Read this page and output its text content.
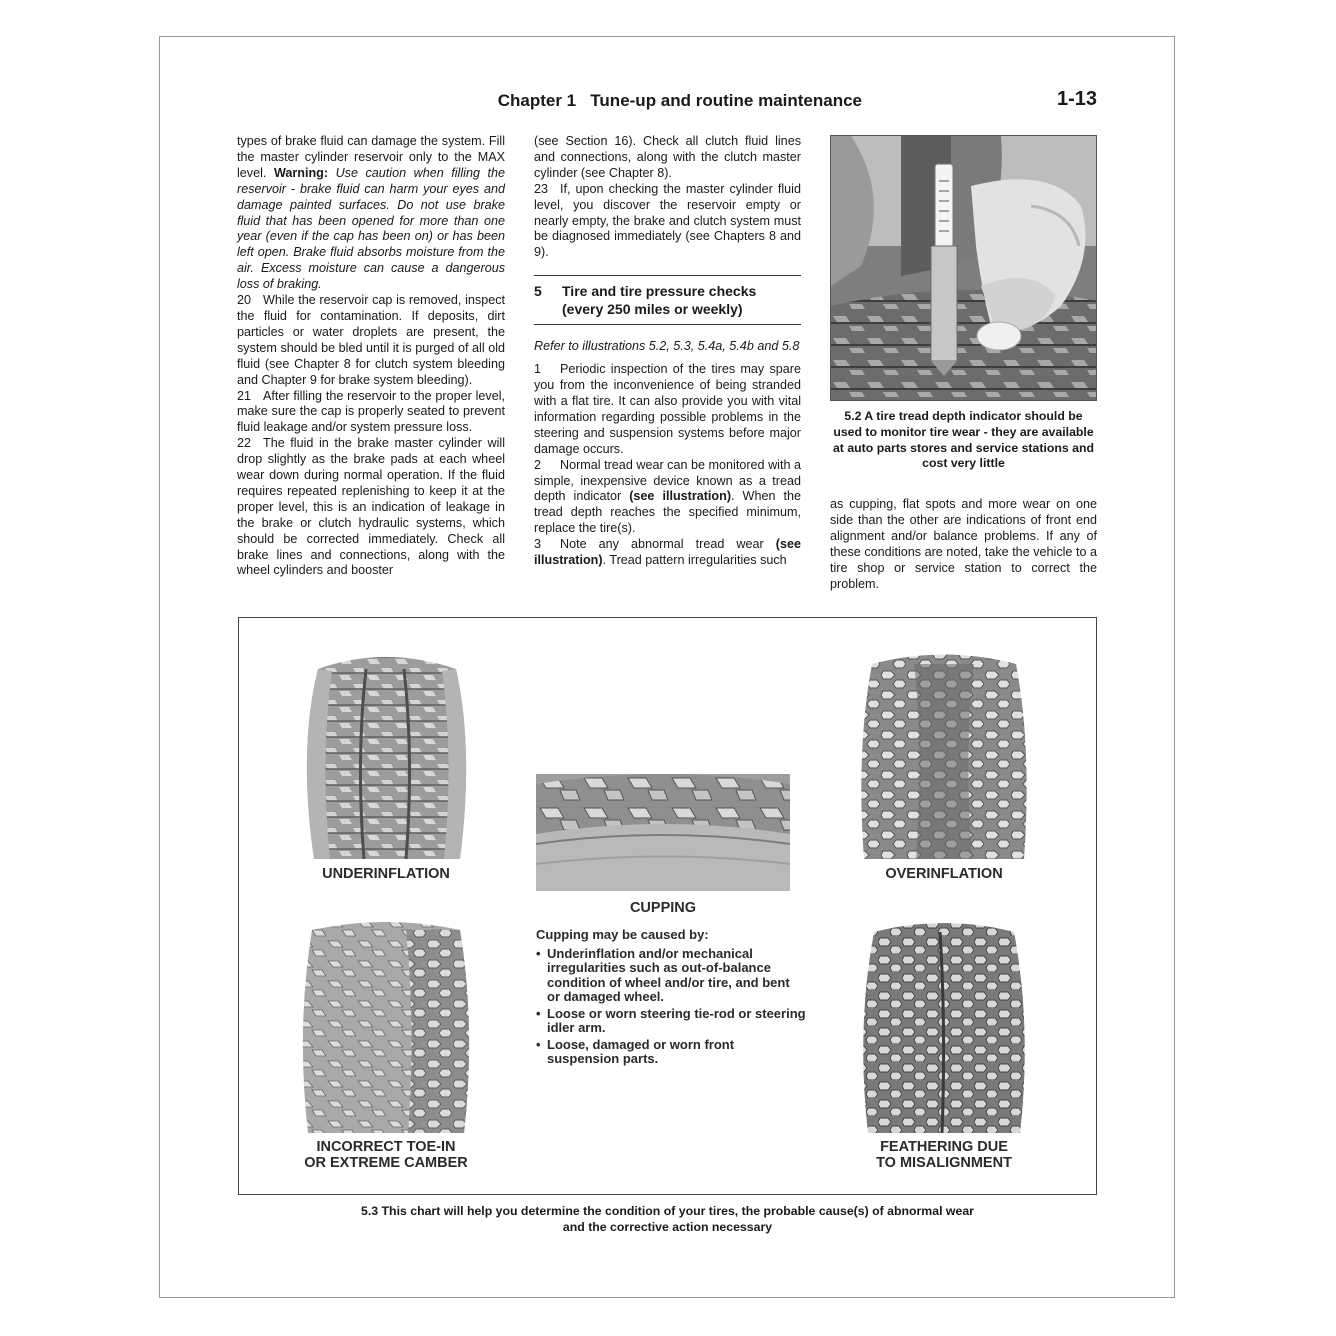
Chapter 1   Tune-up and routine maintenance	1-13

types of brake fluid can damage the system. Fill the master cylinder reservoir only to the MAX level. Warning: Use caution when filling the reservoir - brake fluid can harm your eyes and damage painted surfaces. Do not use brake fluid that has been opened for more than one year (even if the cap has been on) or has been left open. Brake fluid absorbs moisture from the air. Excess moisture can cause a dangerous loss of braking.

20 While the reservoir cap is removed, inspect the fluid for contamination. If deposits, dirt particles or water droplets are present, the system should be bled until it is purged of all old fluid (see Chapter 8 for clutch system bleeding and Chapter 9 for brake system bleeding).

21 After filling the reservoir to the proper level, make sure the cap is properly seated to prevent fluid leakage and/or system pressure loss.

22 The fluid in the brake master cylinder will drop slightly as the brake pads at each wheel wear down during normal operation. If the fluid requires repeated replenishing to keep it at the proper level, this is an indication of leakage in the brake or clutch hydraulic systems, which should be corrected immediately. Check all brake lines and connections, along with the wheel cylinders and booster

(see Section 16). Check all clutch fluid lines and connections, along with the clutch master cylinder (see Chapter 8).

23 If, upon checking the master cylinder fluid level, you discover the reservoir empty or nearly empty, the brake and clutch system must be diagnosed immediately (see Chapters 8 and 9).

5 Tire and tire pressure checks (every 250 miles or weekly)

Refer to illustrations 5.2, 5.3, 5.4a, 5.4b and 5.8

1 Periodic inspection of the tires may spare you from the inconvenience of being stranded with a flat tire. It can also provide you with vital information regarding possible problems in the steering and suspension systems before major damage occurs.

2 Normal tread wear can be monitored with a simple, inexpensive device known as a tread depth indicator (see illustration). When the tread depth reaches the specified minimum, replace the tire(s).

3 Note any abnormal tread wear (see illustration). Tread pattern irregularities such

5.2 A tire tread depth indicator should be used to monitor tire wear - they are available at auto parts stores and service stations and cost very little

as cupping, flat spots and more wear on one side than the other are indications of front end alignment and/or balance problems. If any of these conditions are noted, take the vehicle to a tire shop or service station to correct the problem.

UNDERINFLATION
CUPPING
OVERINFLATION
Cupping may be caused by:
• Underinflation and/or mechanical irregularities such as out-of-balance condition of wheel and/or tire, and bent or damaged wheel.
• Loose or worn steering tie-rod or steering idler arm.
• Loose, damaged or worn front suspension parts.
INCORRECT TOE-IN
OR EXTREME CAMBER
FEATHERING DUE
TO MISALIGNMENT
5.3 This chart will help you determine the condition of your tires, the probable cause(s) of abnormal wear
and the corrective action necessary
